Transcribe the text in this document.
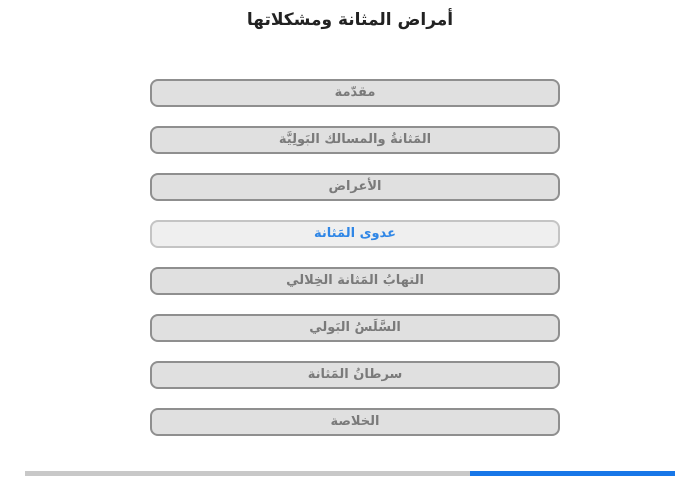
أمراض المثانة ومشكلاتها
مقدّمة
المَثانةُ والمسالك البَولِيَّة
الأعراض
عدوى المَثانة
التهابُ المَثانة الخِلالي
السَّلَسُ البَولي
سرطانُ المَثانة
الخلاصة
